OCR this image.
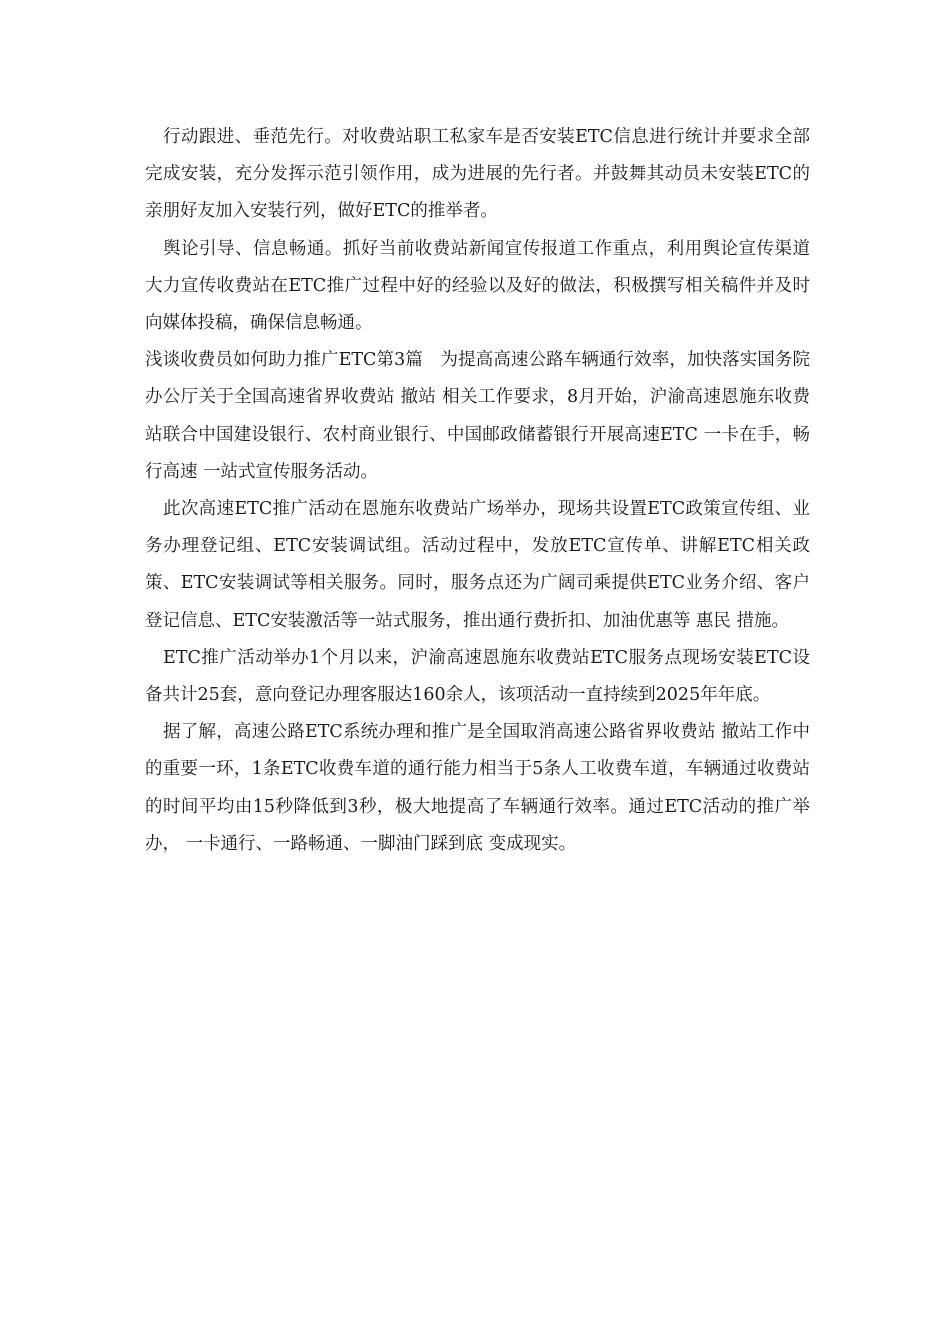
行动跟进、垂范先行。对收费站职工私家车是否安装ETC信息进行统计并要求全部完成安装，充分发挥示范引领作用，成为进展的先行者。并鼓舞其动员未安装ETC的亲朋好友加入安装行列，做好ETC的推举者。

舆论引导、信息畅通。抓好当前收费站新闻宣传报道工作重点，利用舆论宣传渠道大力宣传收费站在ETC推广过程中好的经验以及好的做法，积极撰写相关稿件并及时向媒体投稿，确保信息畅通。

浅谈收费员如何助力推广ETC第3篇　为提高高速公路车辆通行效率，加快落实国务院办公厅关于全国高速省界收费站 撤站 相关工作要求，8月开始，沪渝高速恩施东收费站联合中国建设银行、农村商业银行、中国邮政储蓄银行开展高速ETC 一卡在手，畅行高速 一站式宣传服务活动。

此次高速ETC推广活动在恩施东收费站广场举办，现场共设置ETC政策宣传组、业务办理登记组、ETC安装调试组。活动过程中，发放ETC宣传单、讲解ETC相关政策、ETC安装调试等相关服务。同时，服务点还为广阔司乘提供ETC业务介绍、客户登记信息、ETC安装激活等一站式服务，推出通行费折扣、加油优惠等 惠民 措施。

ETC推广活动举办1个月以来，沪渝高速恩施东收费站ETC服务点现场安装ETC设备共计25套，意向登记办理客服达160余人，该项活动一直持续到2025年年底。

据了解，高速公路ETC系统办理和推广是全国取消高速公路省界收费站 撤站工作中的重要一环，1条ETC收费车道的通行能力相当于5条人工收费车道，车辆通过收费站的时间平均由15秒降低到3秒，极大地提高了车辆通行效率。通过ETC活动的推广举办， 一卡通行、一路畅通、一脚油门踩到底 变成现实。
